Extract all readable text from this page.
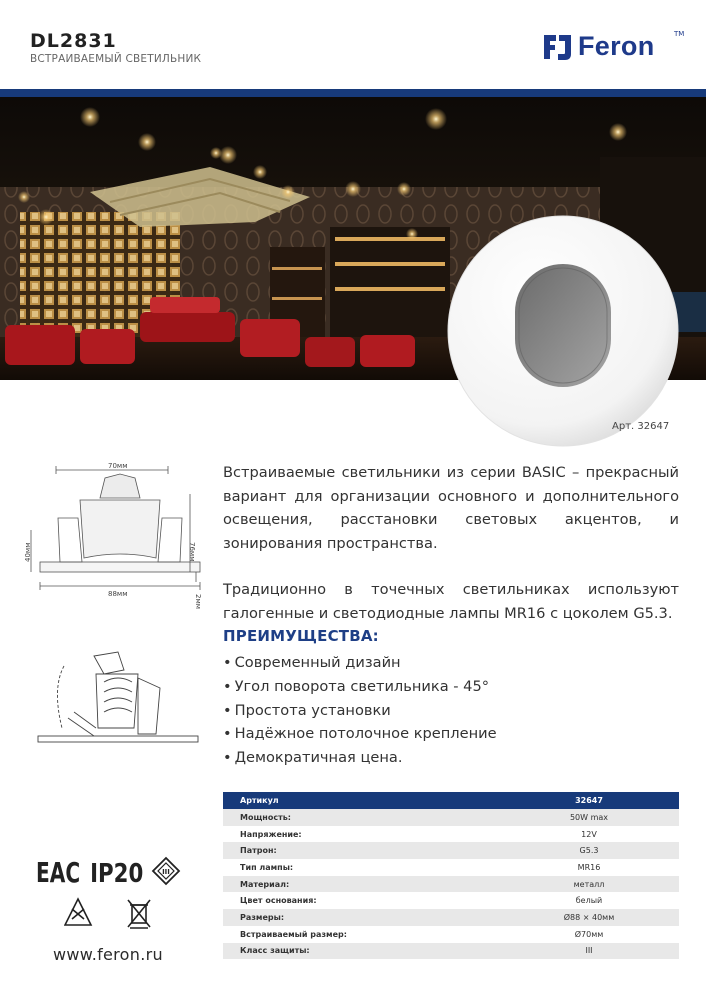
DL2831
ВСТРАИВАЕМЫЙ СВЕТИЛЬНИК	Feron	TM
Арт. 32647
70мм
88мм
40мм	76мм
2мм

Встраиваемые светильники из серии BASIC – прекрасный вариант для организации основного и дополнительного освещения, расстановки световых акцентов, и зонирования пространства.

Традиционно в точечных светильниках используют галогенные и светодиодные лампы MR16 с цоколем G5.3.

ПРЕИМУЩЕСТВА:
• Современный дизайн
• Угол поворота светильника - 45°
• Простота установки
• Надёжное потолочное крепление
• Демократичная цена.
Артикул	32647
Мощность:	50W max
Напряжение:	12V
Патрон:	G5.3
Тип лампы:	MR16
Материал:	металл
Цвет основания:	белый
Размеры:	Ø88 × 40мм
Встраиваемый размер:	Ø70мм
Класс защиты:	III
EAC IP20	III
www.feron.ru
